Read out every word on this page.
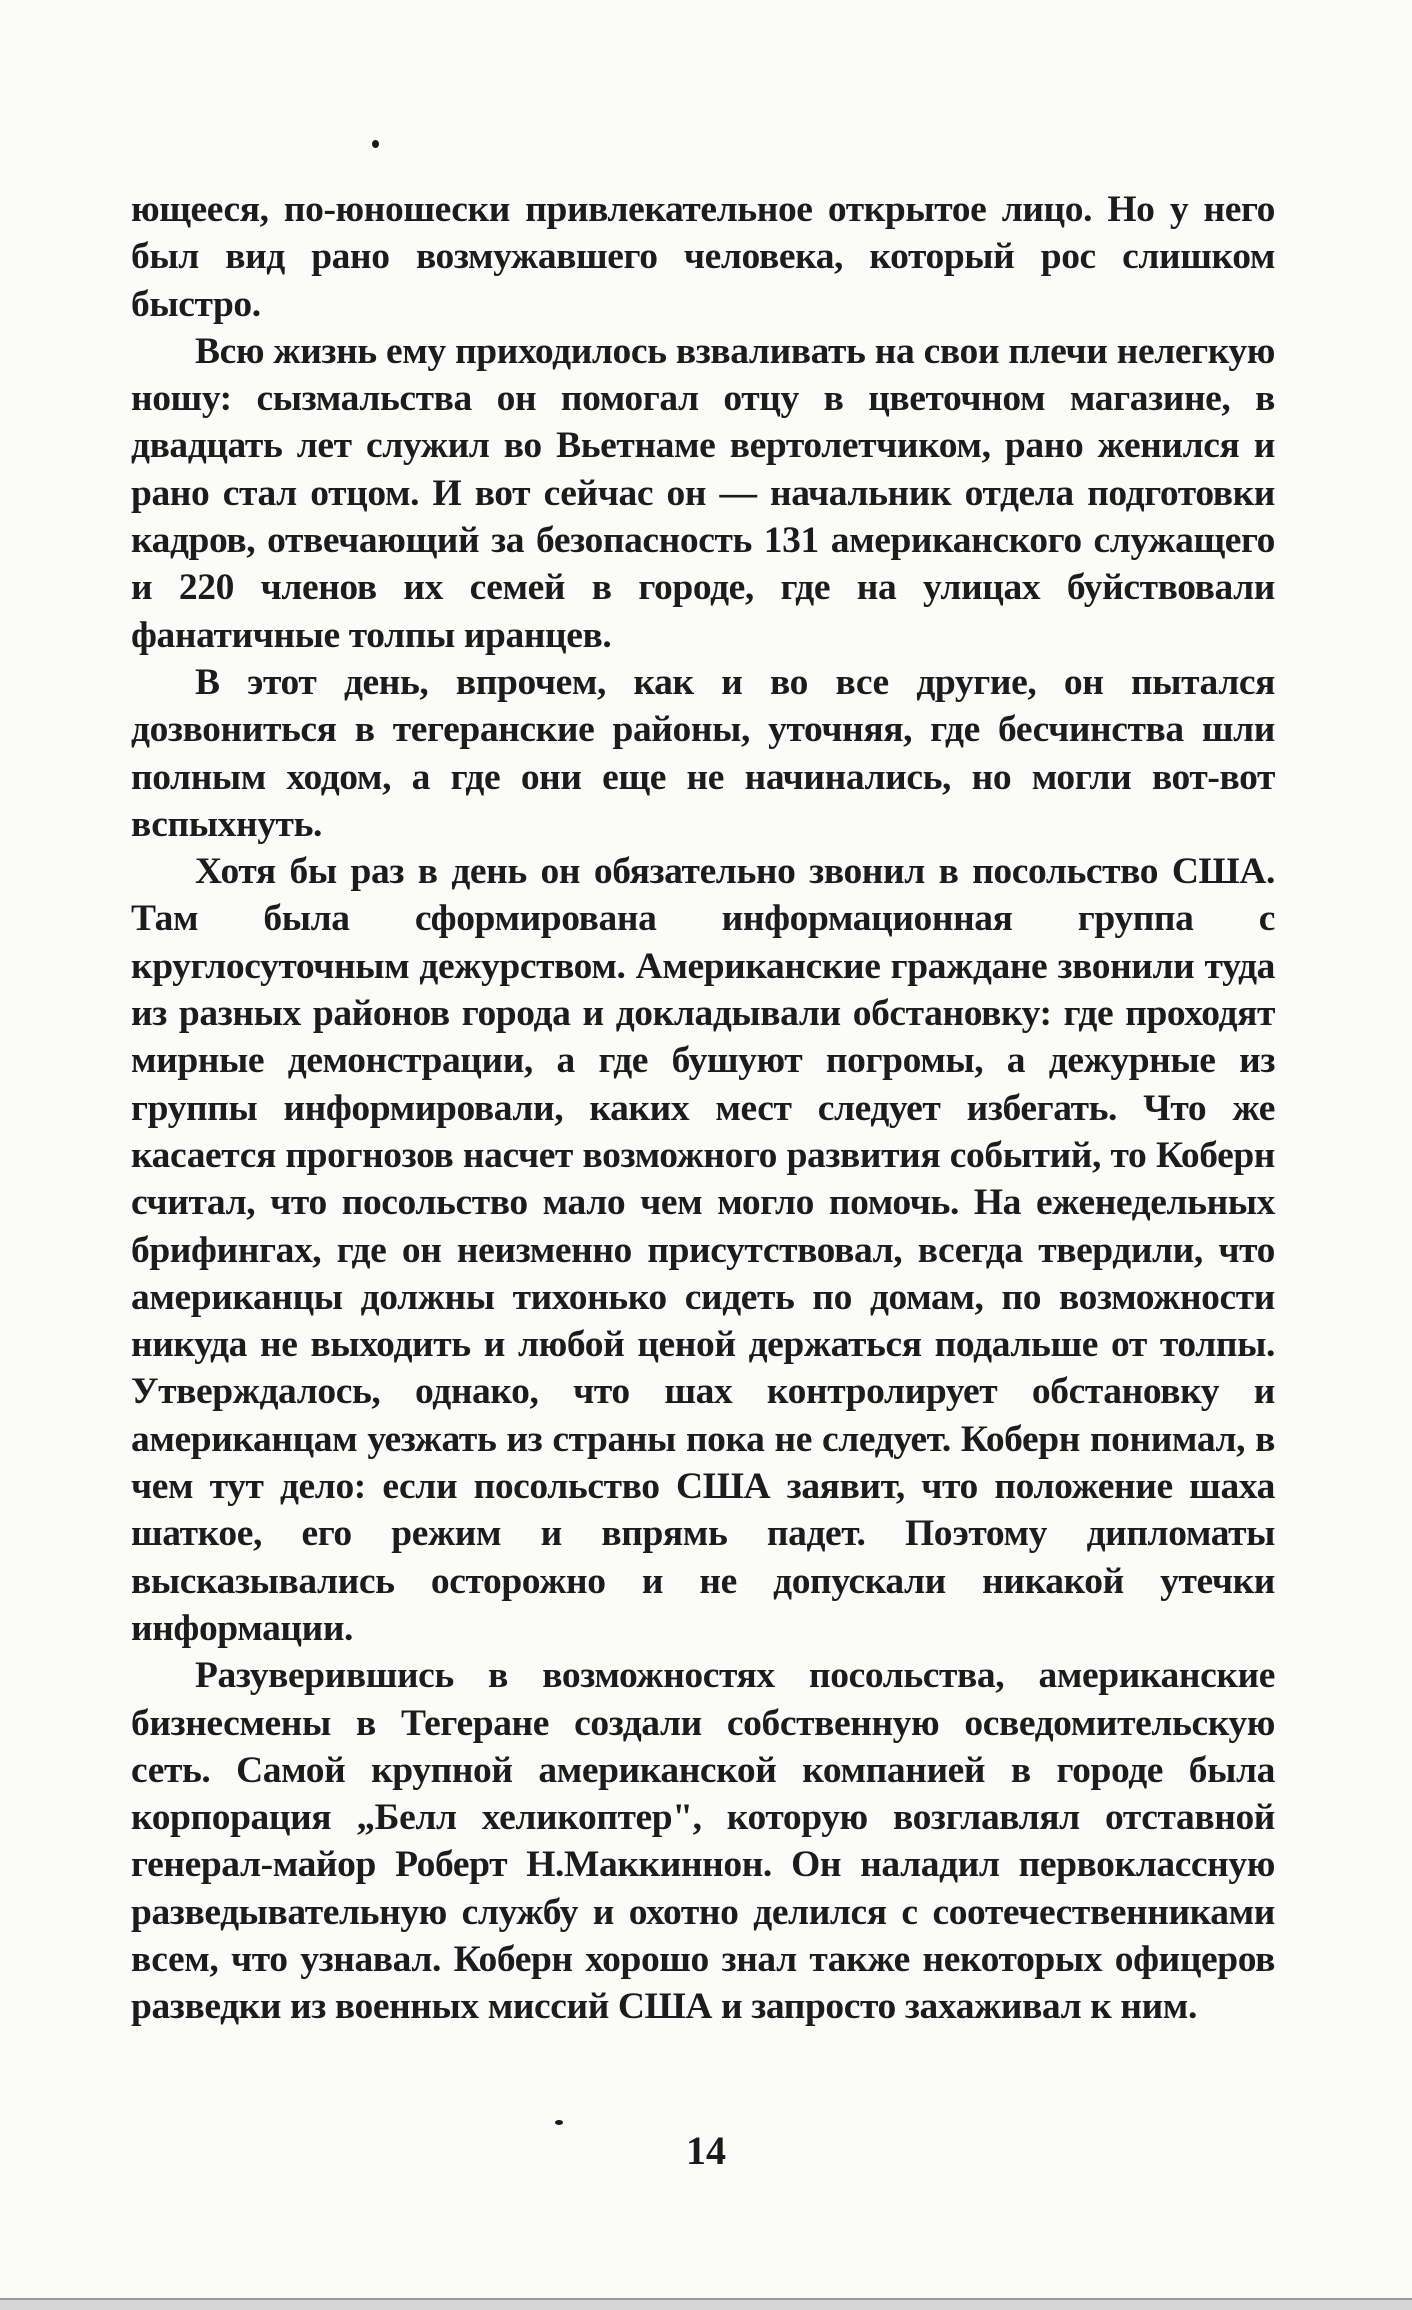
ющееся, по-юношески привлекательное открытое лицо. Но у него был вид рано возмужавшего человека, который рос слишком быстро.

Всю жизнь ему приходилось взваливать на свои плечи нелегкую ношу: сызмальства он помогал отцу в цветочном магазине, в двадцать лет служил во Вьетнаме вертолетчиком, рано женился и рано стал отцом. И вот сейчас он — начальник отдела подготовки кадров, отвечающий за безопасность 131 американского служащего и 220 членов их семей в городе, где на улицах буйствовали фанатичные толпы иранцев.

В этот день, впрочем, как и во все другие, он пытался дозвониться в тегеранские районы, уточняя, где бесчинства шли полным ходом, а где они еще не начинались, но могли вот-вот вспыхнуть.

Хотя бы раз в день он обязательно звонил в посольство США. Там была сформирована информационная группа с круглосуточным дежурством. Американские граждане звонили туда из разных районов города и докладывали обстановку: где проходят мирные демонстрации, а где бушуют погромы, а дежурные из группы информировали, каких мест следует избегать. Что же касается прогнозов насчет возможного развития событий, то Коберн считал, что посольство мало чем могло помочь. На еженедельных брифингах, где он неизменно присутствовал, всегда твердили, что американцы должны тихонько сидеть по домам, по возможности никуда не выходить и любой ценой держаться подальше от толпы. Утверждалось, однако, что шах контролирует обстановку и американцам уезжать из страны пока не следует. Коберн понимал, в чем тут дело: если посольство США заявит, что положение шаха шаткое, его режим и впрямь падет. Поэтому дипломаты высказывались осторожно и не допускали никакой утечки информации.

Разуверившись в возможностях посольства, американские бизнесмены в Тегеране создали собственную осведомительскую сеть. Самой крупной американской компанией в городе была корпорация „Белл хеликоптер", которую возглавлял отставной генерал-майор Роберт Н.Маккиннон. Он наладил первоклассную разведывательную службу и охотно делился с соотечественниками всем, что узнавал. Коберн хорошо знал также некоторых офицеров разведки из военных миссий США и запросто захаживал к ним.

14
